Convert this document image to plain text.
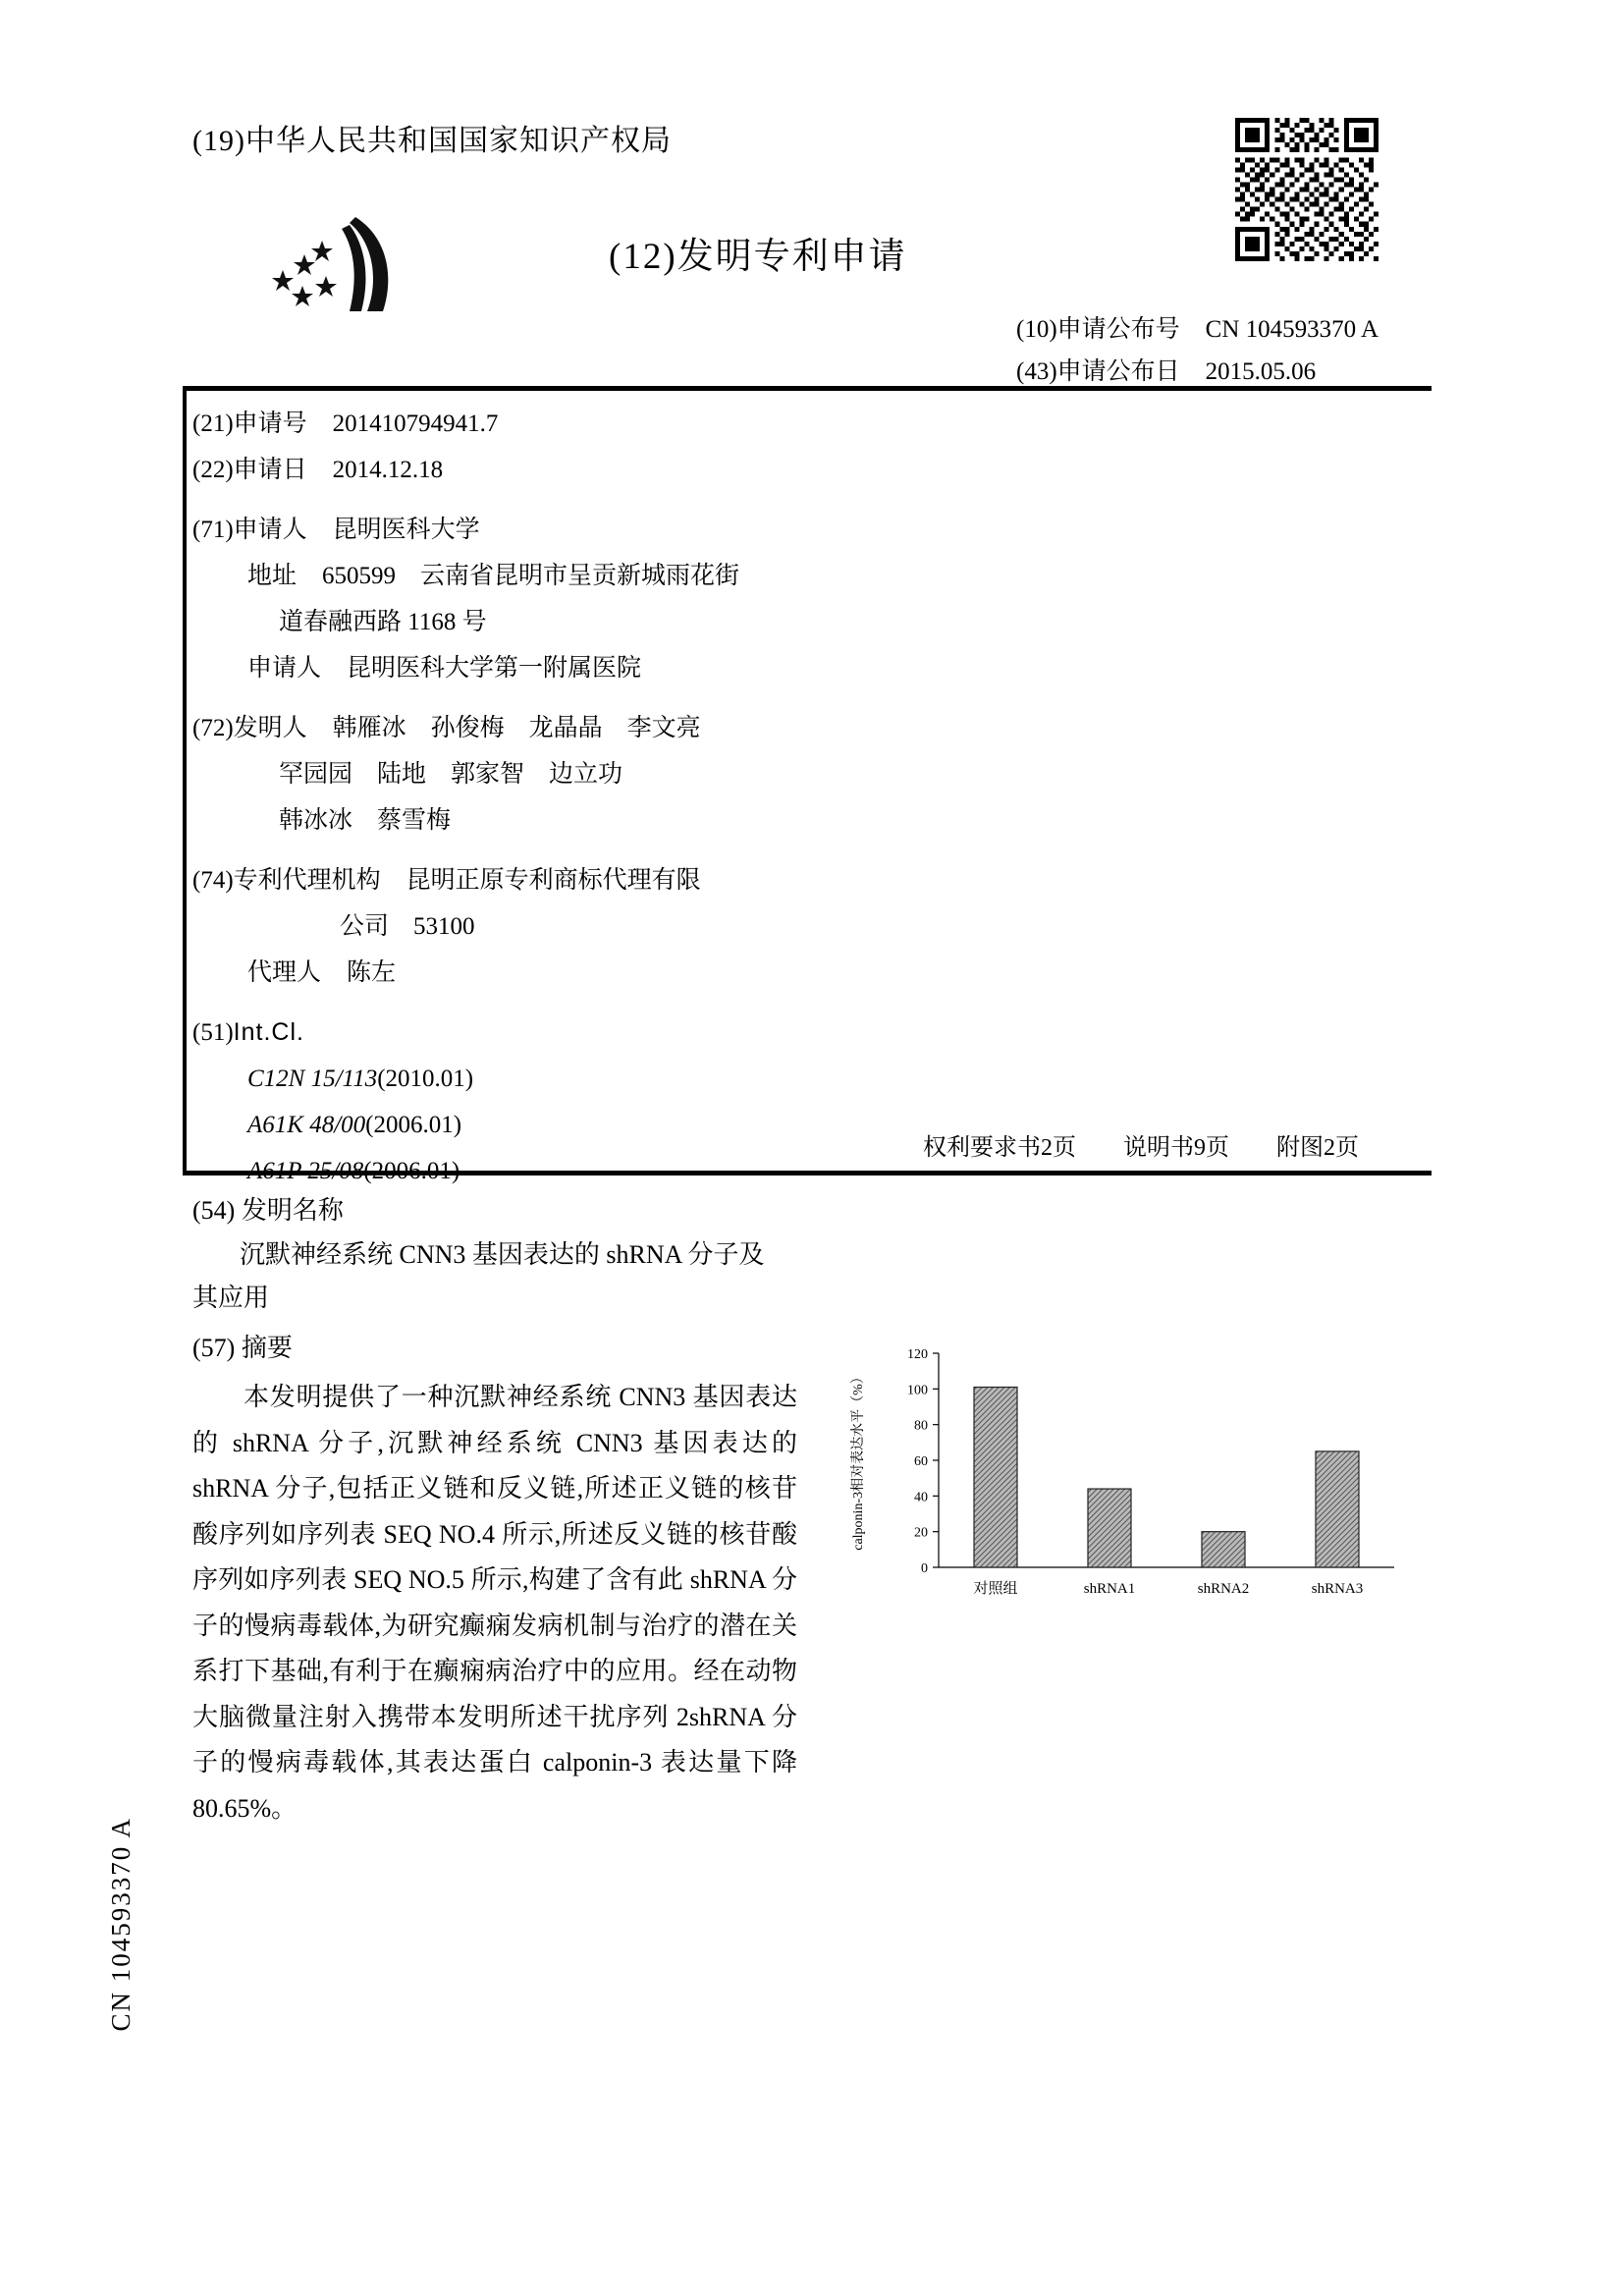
(19)中华人民共和国国家知识产权局
(12)发明专利申请
(10)申请公布号 CN 104593370 A
(43)申请公布日 2015.05.06
(21)申请号 201410794941.7
(22)申请日 2014.12.18
(71)申请人 昆明医科大学
地址 650599　云南省昆明市呈贡新城雨花街
道春融西路 1168 号
申请人 昆明医科大学第一附属医院
(72)发明人 韩雁冰　孙俊梅　龙晶晶　李文亮
罕园园　陆地　郭家智　边立功
韩冰冰　蔡雪梅
(74)专利代理机构 昆明正原专利商标代理有限
公司　53100
代理人 陈左
(51)Int.Cl.
C12N 15/113(2010.01)
A61K 48/00(2006.01)
A61P 25/08(2006.01)
权利要求书2页　　说明书9页　　附图2页
(54) 发明名称
沉默神经系统 CNN3 基因表达的 shRNA 分子及其应用
(57) 摘要
本发明提供了一种沉默神经系统 CNN3 基因表达的 shRNA 分子,沉默神经系统 CNN3 基因表达的 shRNA 分子,包括正义链和反义链,所述正义链的核苷酸序列如序列表 SEQ NO.4 所示,所述反义链的核苷酸序列如序列表 SEQ NO.5 所示,构建了含有此 shRNA 分子的慢病毒载体,为研究癫痫发病机制与治疗的潜在关系打下基础,有利于在癫痫病治疗中的应用。经在动物大脑微量注射入携带本发明所述干扰序列 2shRNA 分子的慢病毒载体,其表达蛋白 calponin-3 表达量下降 80.65%。
CN 104593370 A
0
20
40
60
80
100
120
对照组	shRNA1	shRNA2	shRNA3
calponin-3相对表达水平（%）
